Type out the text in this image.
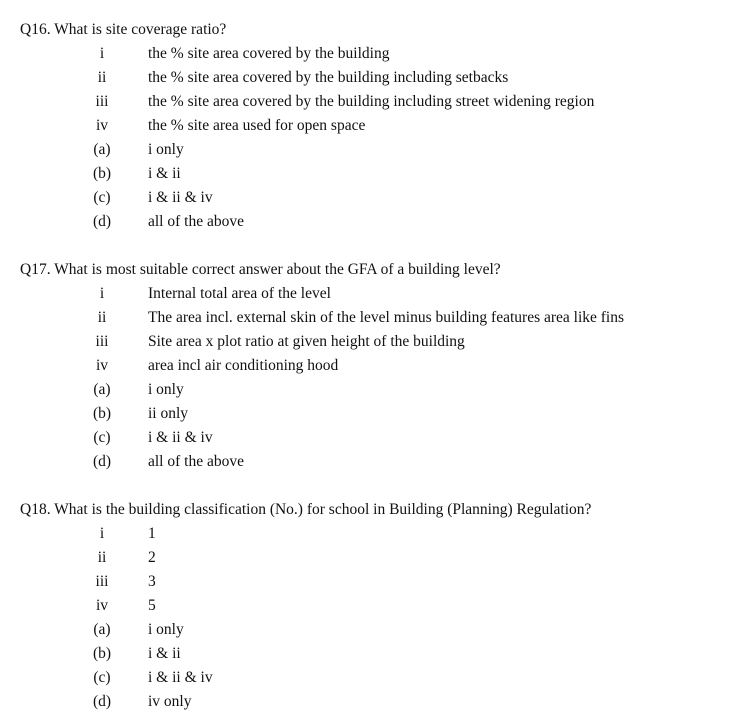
Q16. What is site coverage ratio?
i	the % site area covered by the building
ii	the % site area covered by the building including setbacks
iii	the % site area covered by the building including street widening region
iv	the % site area used for open space
(a) i only
(b) i & ii
(c) i & ii & iv
(d) all of the above
Q17. What is most suitable correct answer about the GFA of a building level?
i	Internal total area of the level
ii	The area incl. external skin of the level minus building features area like fins
iii	Site area x plot ratio at given height of the building
iv	area incl air conditioning hood
(a) i only
(b) ii only
(c) i & ii & iv
(d) all of the above
Q18. What is the building classification (No.) for school in Building (Planning) Regulation?
i	1
ii	2
iii	3
iv	5
(a) i only
(b) i & ii
(c) i & ii & iv
(d) iv only
